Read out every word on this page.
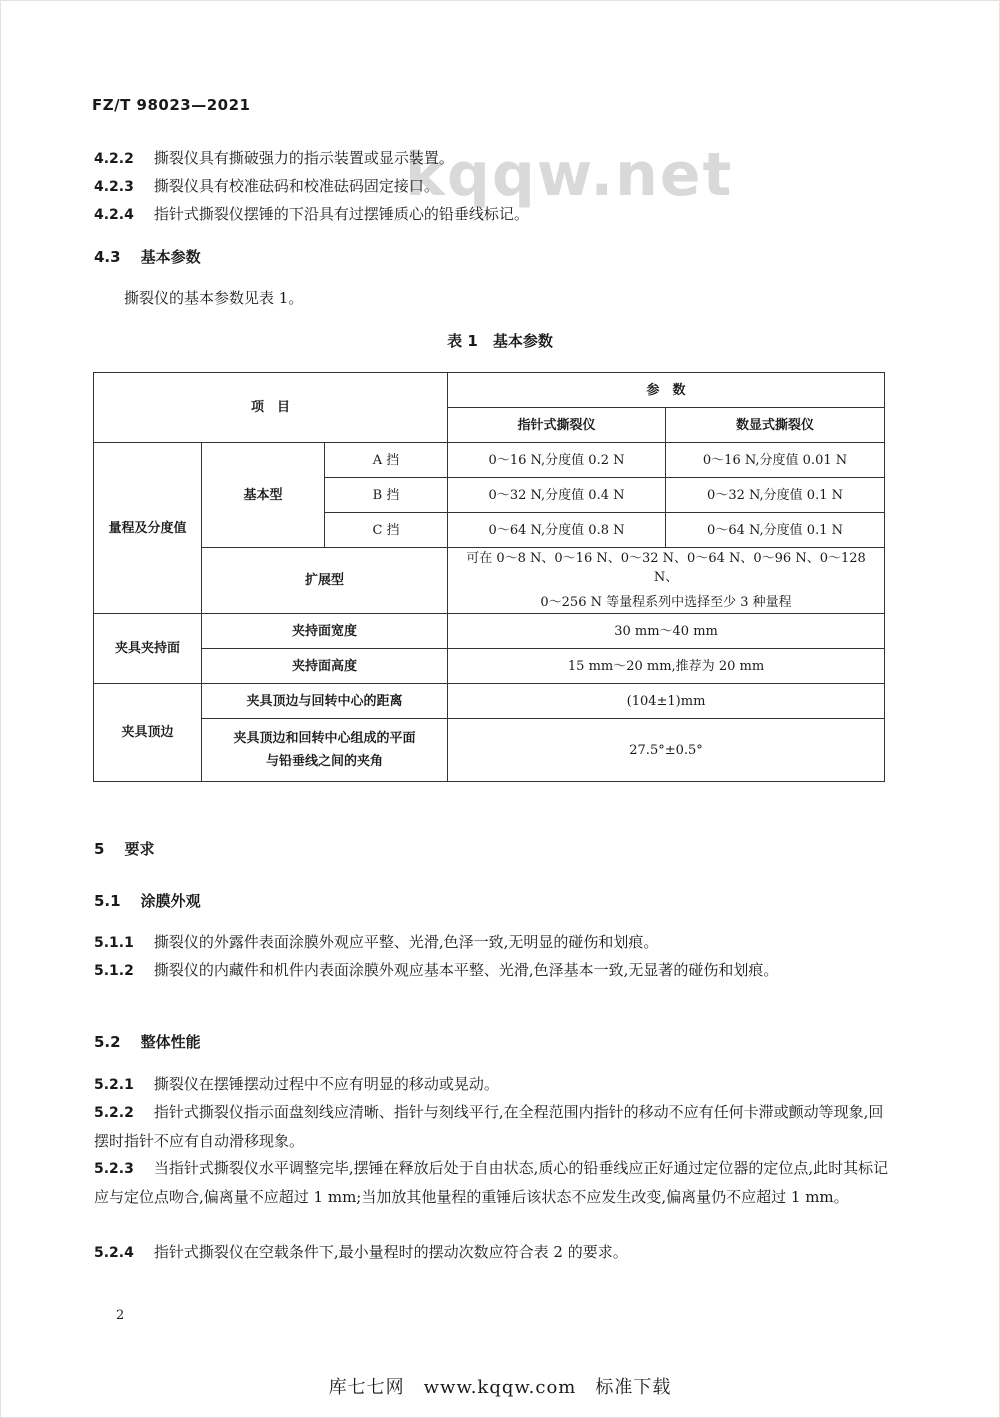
kqqw.net
FZ/T 98023—2021
4.2.2 撕裂仪具有撕破强力的指示装置或显示装置。
4.2.3 撕裂仪具有校准砝码和校准砝码固定接口。
4.2.4 指针式撕裂仪摆锤的下沿具有过摆锤质心的铅垂线标记。
4.3 基本参数
撕裂仪的基本参数见表 1。
表 1　基本参数
项　目			参　数	
			指针式撕裂仪	数显式撕裂仪
量程及分度值	基本型	A 挡	0～16 N,分度值 0.2 N	0～16 N,分度值 0.01 N
		B 挡	0～32 N,分度值 0.4 N	0～32 N,分度值 0.1 N
		C 挡	0～64 N,分度值 0.8 N	0～64 N,分度值 0.1 N
	扩展型		可在 0～8 N、0～16 N、0～32 N、0～64 N、0～96 N、0～128 N、
0～256 N 等量程系列中选择至少 3 种量程	

夹具夹持面	夹持面宽度		30 mm～40 mm	
	夹持面高度		15 mm～20 mm,推荐为 20 mm	
夹具顶边	夹具顶边与回转中心的距离		(104±1)mm	

	夹具顶边和回转中心组成的平面
与铅垂线之间的夹角		27.5°±0.5°	
5 要求
5.1 涂膜外观
5.1.1 撕裂仪的外露件表面涂膜外观应平整、光滑,色泽一致,无明显的碰伤和划痕。
5.1.2 撕裂仪的内藏件和机件内表面涂膜外观应基本平整、光滑,色泽基本一致,无显著的碰伤和划痕。
5.2 整体性能
5.2.1 撕裂仪在摆锤摆动过程中不应有明显的移动或晃动。
5.2.2 指针式撕裂仪指示面盘刻线应清晰、指针与刻线平行,在全程范围内指针的移动不应有任何卡滞或颤动等现象,回摆时指针不应有自动滑移现象。
5.2.3 当指针式撕裂仪水平调整完毕,摆锤在释放后处于自由状态,质心的铅垂线应正好通过定位器的定位点,此时其标记应与定位点吻合,偏离量不应超过 1 mm;当加放其他量程的重锤后该状态不应发生改变,偏离量仍不应超过 1 mm。
5.2.4 指针式撕裂仪在空载条件下,最小量程时的摆动次数应符合表 2 的要求。
2
库七七网　www.kqqw.com　标准下载
